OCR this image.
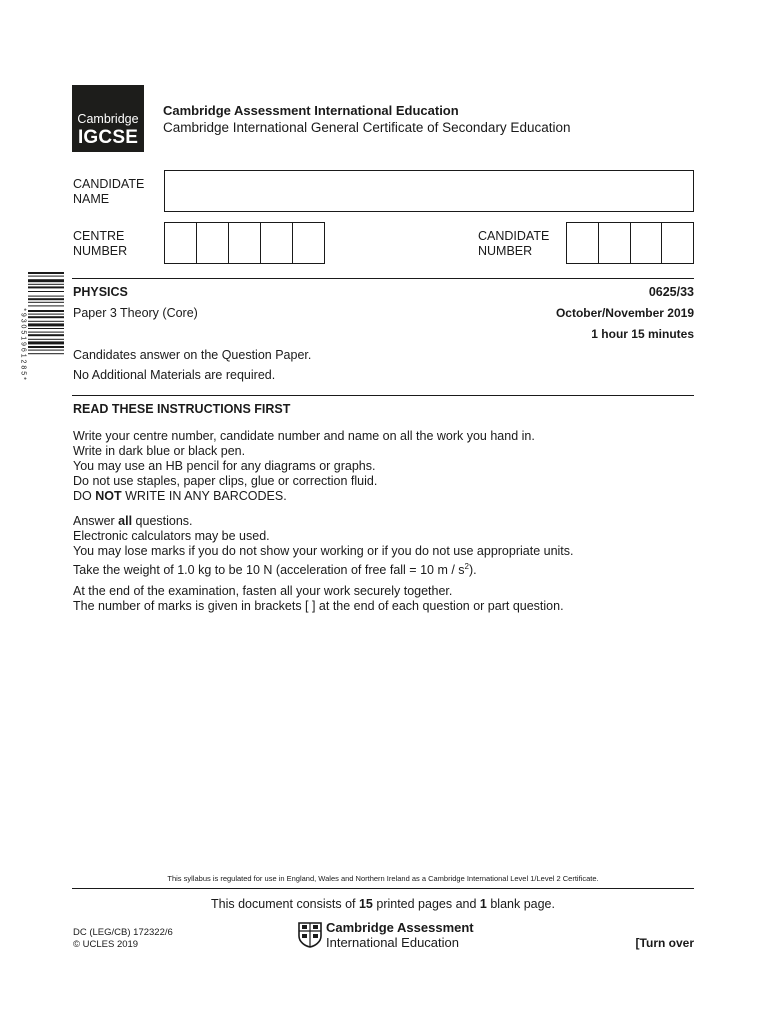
Cambridge
IGCSE
Cambridge Assessment International Education
Cambridge International General Certificate of Secondary Education
CANDIDATE
NAME
CENTRE
NUMBER
CANDIDATE
NUMBER
* 9 3 0 5 1 9 6 1 2 8 5 *
PHYSICS	0625/33
Paper 3 Theory (Core)	October/November 2019
1 hour 15 minutes
Candidates answer on the Question Paper.
No Additional Materials are required.
READ THESE INSTRUCTIONS FIRST
Write your centre number, candidate number and name on all the work you hand in.
Write in dark blue or black pen.
You may use an HB pencil for any diagrams or graphs.
Do not use staples, paper clips, glue or correction fluid.
DO NOT WRITE IN ANY BARCODES.
Answer all questions.
Electronic calculators may be used.
You may lose marks if you do not show your working or if you do not use appropriate units.
Take the weight of 1.0 kg to be 10 N (acceleration of free fall = 10 m / $s^2$).
At the end of the examination, fasten all your work securely together.
The number of marks is given in brackets [ ] at the end of each question or part question.
This syllabus is regulated for use in England, Wales and Northern Ireland as a Cambridge International Level 1/Level 2 Certificate.
This document consists of 15 printed pages and 1 blank page.
DC (LEG/CB) 172322/6
© UCLES 2019
Cambridge Assessment
International Education	[Turn over
